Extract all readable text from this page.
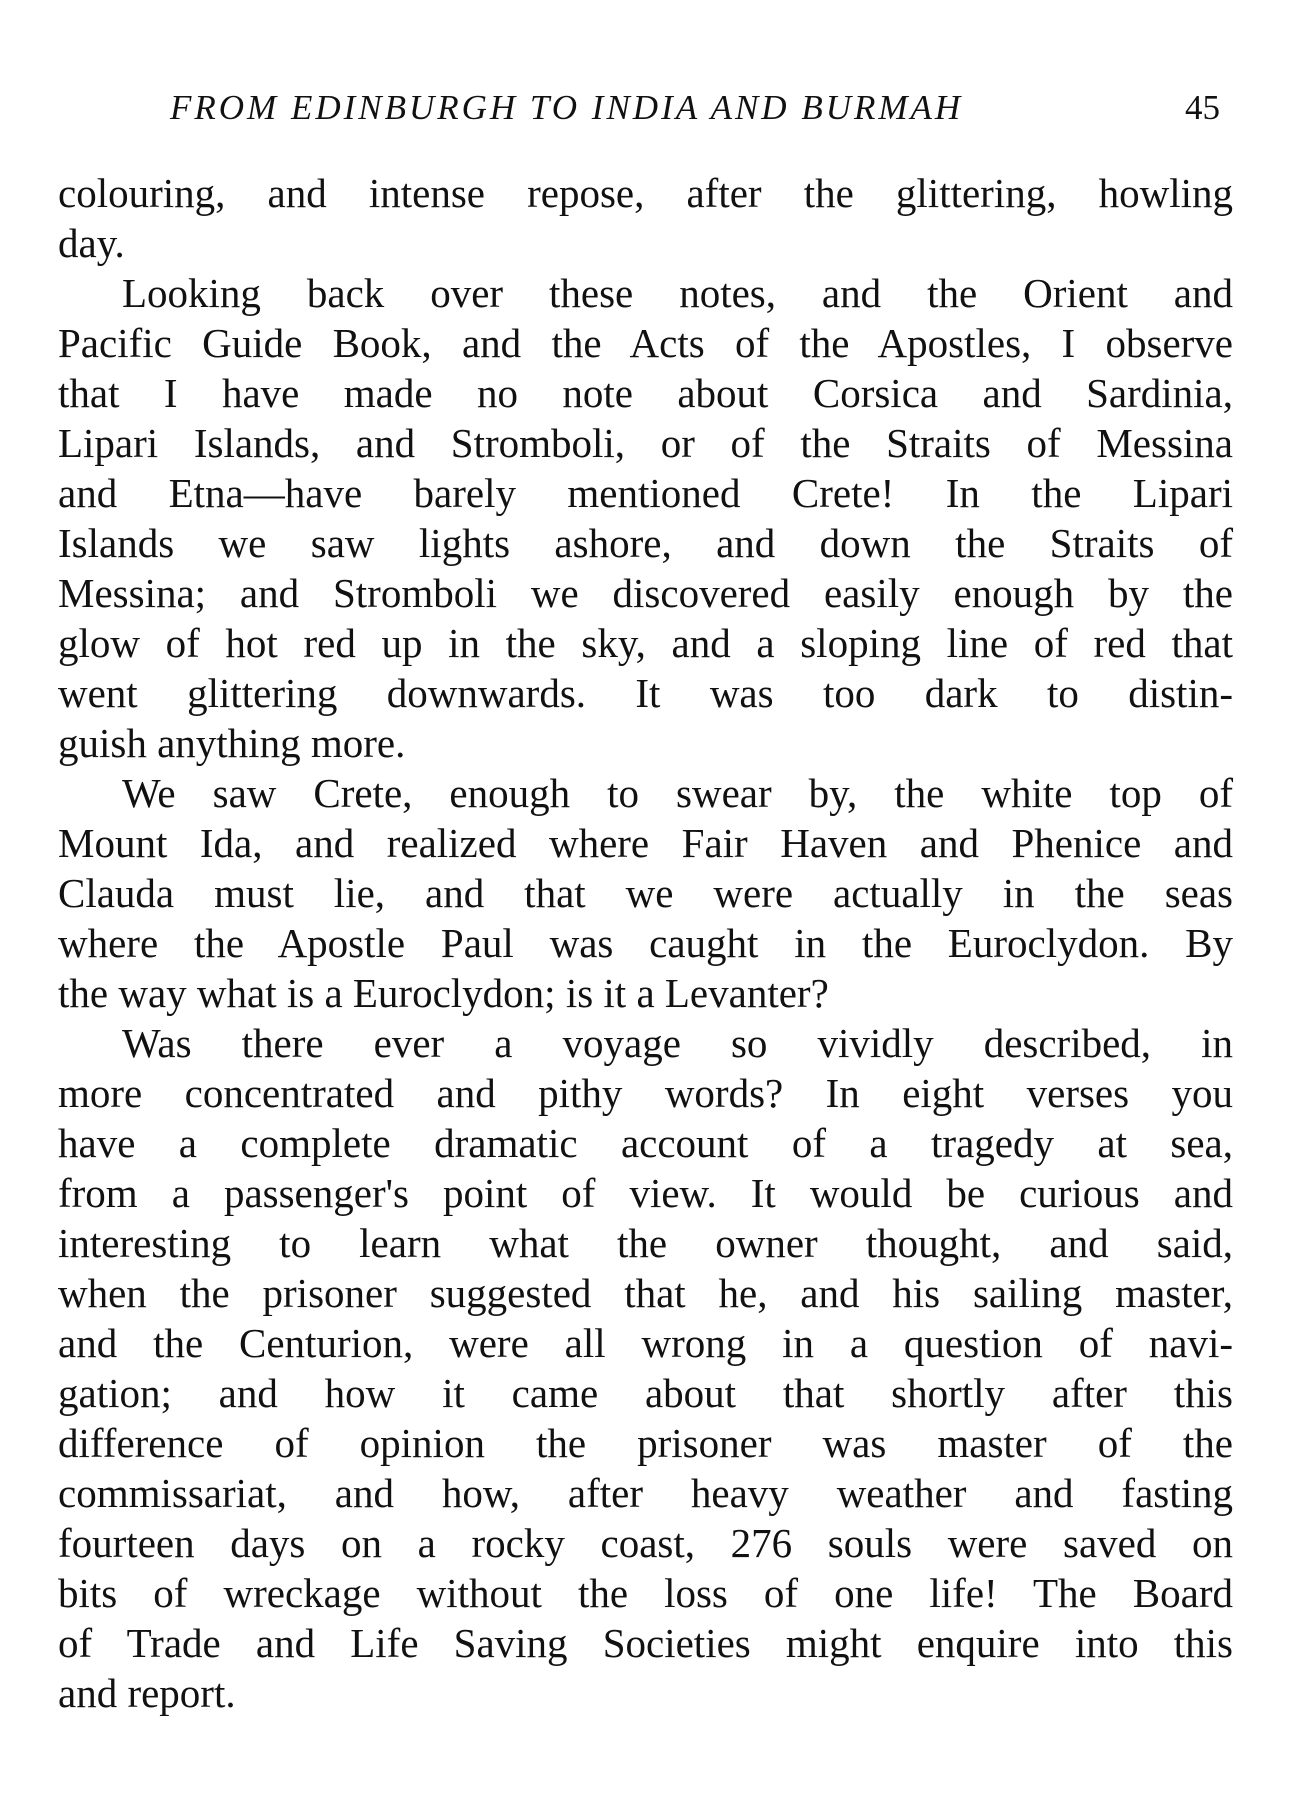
FROM EDINBURGH TO INDIA AND BURMAH	45
colouring, and intense repose, after the glittering, howling
day.
Looking back over these notes, and the Orient and
Pacific Guide Book, and the Acts of the Apostles, I observe
that I have made no note about Corsica and Sardinia,
Lipari Islands, and Stromboli, or of the Straits of Messina
and Etna—have barely mentioned Crete! In the Lipari
Islands we saw lights ashore, and down the Straits of
Messina; and Stromboli we discovered easily enough by the
glow of hot red up in the sky, and a sloping line of red that
went glittering downwards. It was too dark to distin-
guish anything more.
We saw Crete, enough to swear by, the white top of
Mount Ida, and realized where Fair Haven and Phenice and
Clauda must lie, and that we were actually in the seas
where the Apostle Paul was caught in the Euroclydon. By
the way what is a Euroclydon; is it a Levanter?
Was there ever a voyage so vividly described, in
more concentrated and pithy words? In eight verses you
have a complete dramatic account of a tragedy at sea,
from a passenger's point of view. It would be curious and
interesting to learn what the owner thought, and said,
when the prisoner suggested that he, and his sailing master,
and the Centurion, were all wrong in a question of navi-
gation; and how it came about that shortly after this
difference of opinion the prisoner was master of the
commissariat, and how, after heavy weather and fasting
fourteen days on a rocky coast, 276 souls were saved on
bits of wreckage without the loss of one life! The Board
of Trade and Life Saving Societies might enquire into this
and report.
